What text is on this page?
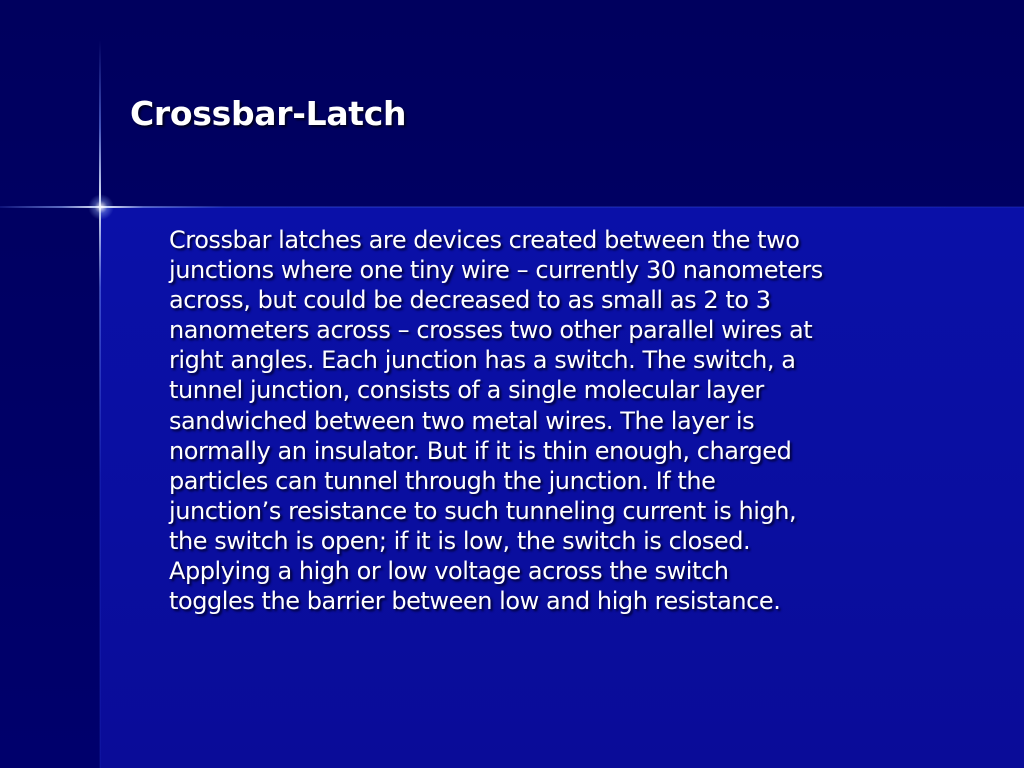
Crossbar-Latch

Crossbar latches are devices created between the two
junctions where one tiny wire – currently 30 nanometers
across, but could be decreased to as small as 2 to 3
nanometers across – crosses two other parallel wires at
right angles. Each junction has a switch. The switch, a
tunnel junction, consists of a single molecular layer
sandwiched between two metal wires. The layer is
normally an insulator. But if it is thin enough, charged
particles can tunnel through the junction. If the
junction’s resistance to such tunneling current is high,
the switch is open; if it is low, the switch is closed.
Applying a high or low voltage across the switch
toggles the barrier between low and high resistance.
